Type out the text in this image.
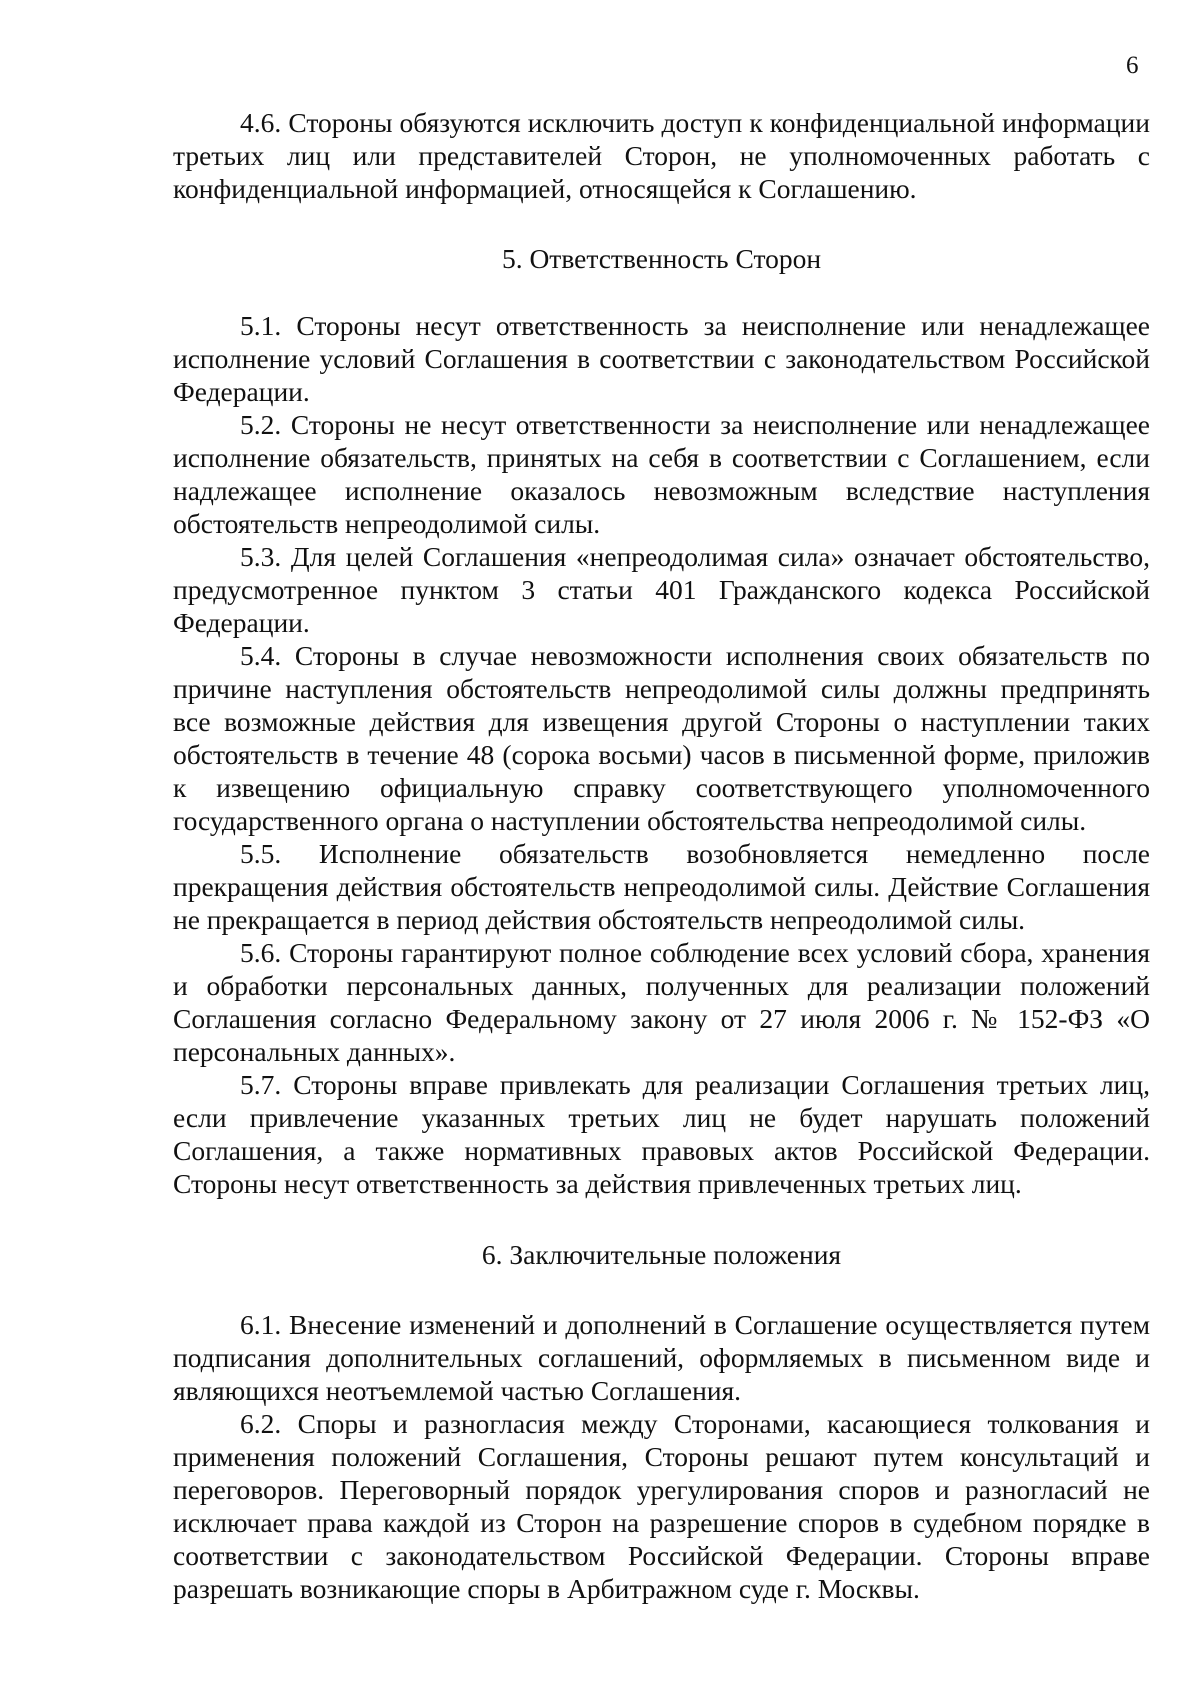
6

4.6. Стороны обязуются исключить доступ к конфиденциальной информации третьих лиц или представителей Сторон, не уполномоченных работать с конфиденциальной информацией, относящейся к Соглашению.

5. Ответственность Сторон

5.1. Стороны несут ответственность за неисполнение или ненадлежащее исполнение условий Соглашения в соответствии с законодательством Российской Федерации.

5.2. Стороны не несут ответственности за неисполнение или ненадлежащее исполнение обязательств, принятых на себя в соответствии с Соглашением, если надлежащее исполнение оказалось невозможным вследствие наступления обстоятельств непреодолимой силы.

5.3. Для целей Соглашения «непреодолимая сила» означает обстоятельство, предусмотренное пунктом 3 статьи 401 Гражданского кодекса Российской Федерации.

5.4. Стороны в случае невозможности исполнения своих обязательств по причине наступления обстоятельств непреодолимой силы должны предпринять все возможные действия для извещения другой Стороны о наступлении таких обстоятельств в течение 48 (сорока восьми) часов в письменной форме, приложив к извещению официальную справку соответствующего уполномоченного государственного органа о наступлении обстоятельства непреодолимой силы.

5.5. Исполнение обязательств возобновляется немедленно после прекращения действия обстоятельств непреодолимой силы. Действие Соглашения не прекращается в период действия обстоятельств непреодолимой силы.

5.6. Стороны гарантируют полное соблюдение всех условий сбора, хранения и обработки персональных данных, полученных для реализации положений Соглашения согласно Федеральному закону от 27 июля 2006 г. № 152-ФЗ «О персональных данных».

5.7. Стороны вправе привлекать для реализации Соглашения третьих лиц, если привлечение указанных третьих лиц не будет нарушать положений Соглашения, а также нормативных правовых актов Российской Федерации. Стороны несут ответственность за действия привлеченных третьих лиц.

6. Заключительные положения

6.1. Внесение изменений и дополнений в Соглашение осуществляется путем подписания дополнительных соглашений, оформляемых в письменном виде и являющихся неотъемлемой частью Соглашения.

6.2. Споры и разногласия между Сторонами, касающиеся толкования и применения положений Соглашения, Стороны решают путем консультаций и переговоров. Переговорный порядок урегулирования споров и разногласий не исключает права каждой из Сторон на разрешение споров в судебном порядке в соответствии с законодательством Российской Федерации. Стороны вправе разрешать возникающие споры в Арбитражном суде г. Москвы.
